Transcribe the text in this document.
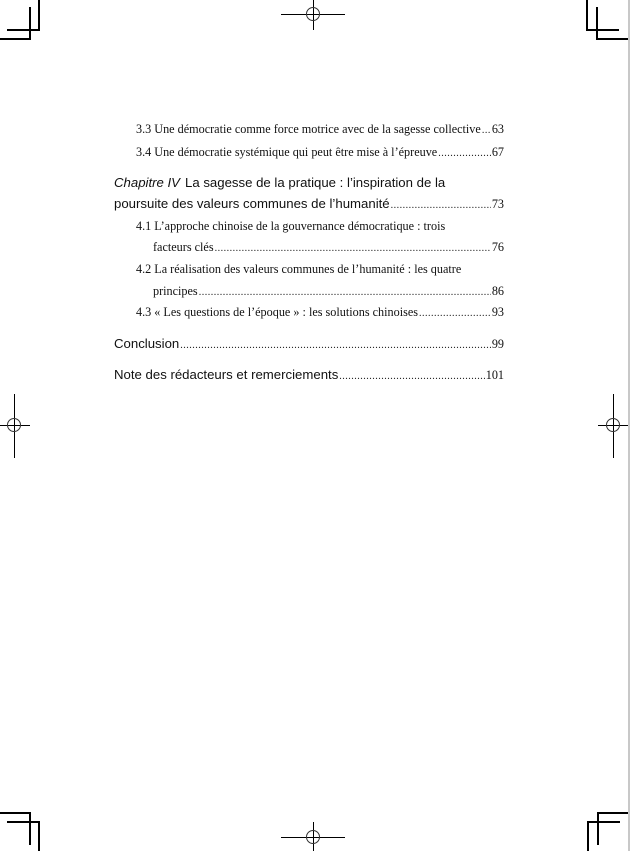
3.3 Une démocratie comme force motrice avec de la sagesse collective ..... 63
3.4 Une démocratie systémique qui peut être mise à l’épreuve .....	67
Chapitre IV La sagesse de la pratique : l’inspiration de la
poursuite des valeurs communes de l’humanité .....	73
4.1 L’approche chinoise de la gouvernance démocratique : trois
facteurs clés .....	76
4.2 La réalisation des valeurs communes de l’humanité : les quatre
principes .....	86
4.3 « Les questions de l’époque » : les solutions chinoises .....	93
Conclusion .....	99
Note des rédacteurs et remerciements .....	101
